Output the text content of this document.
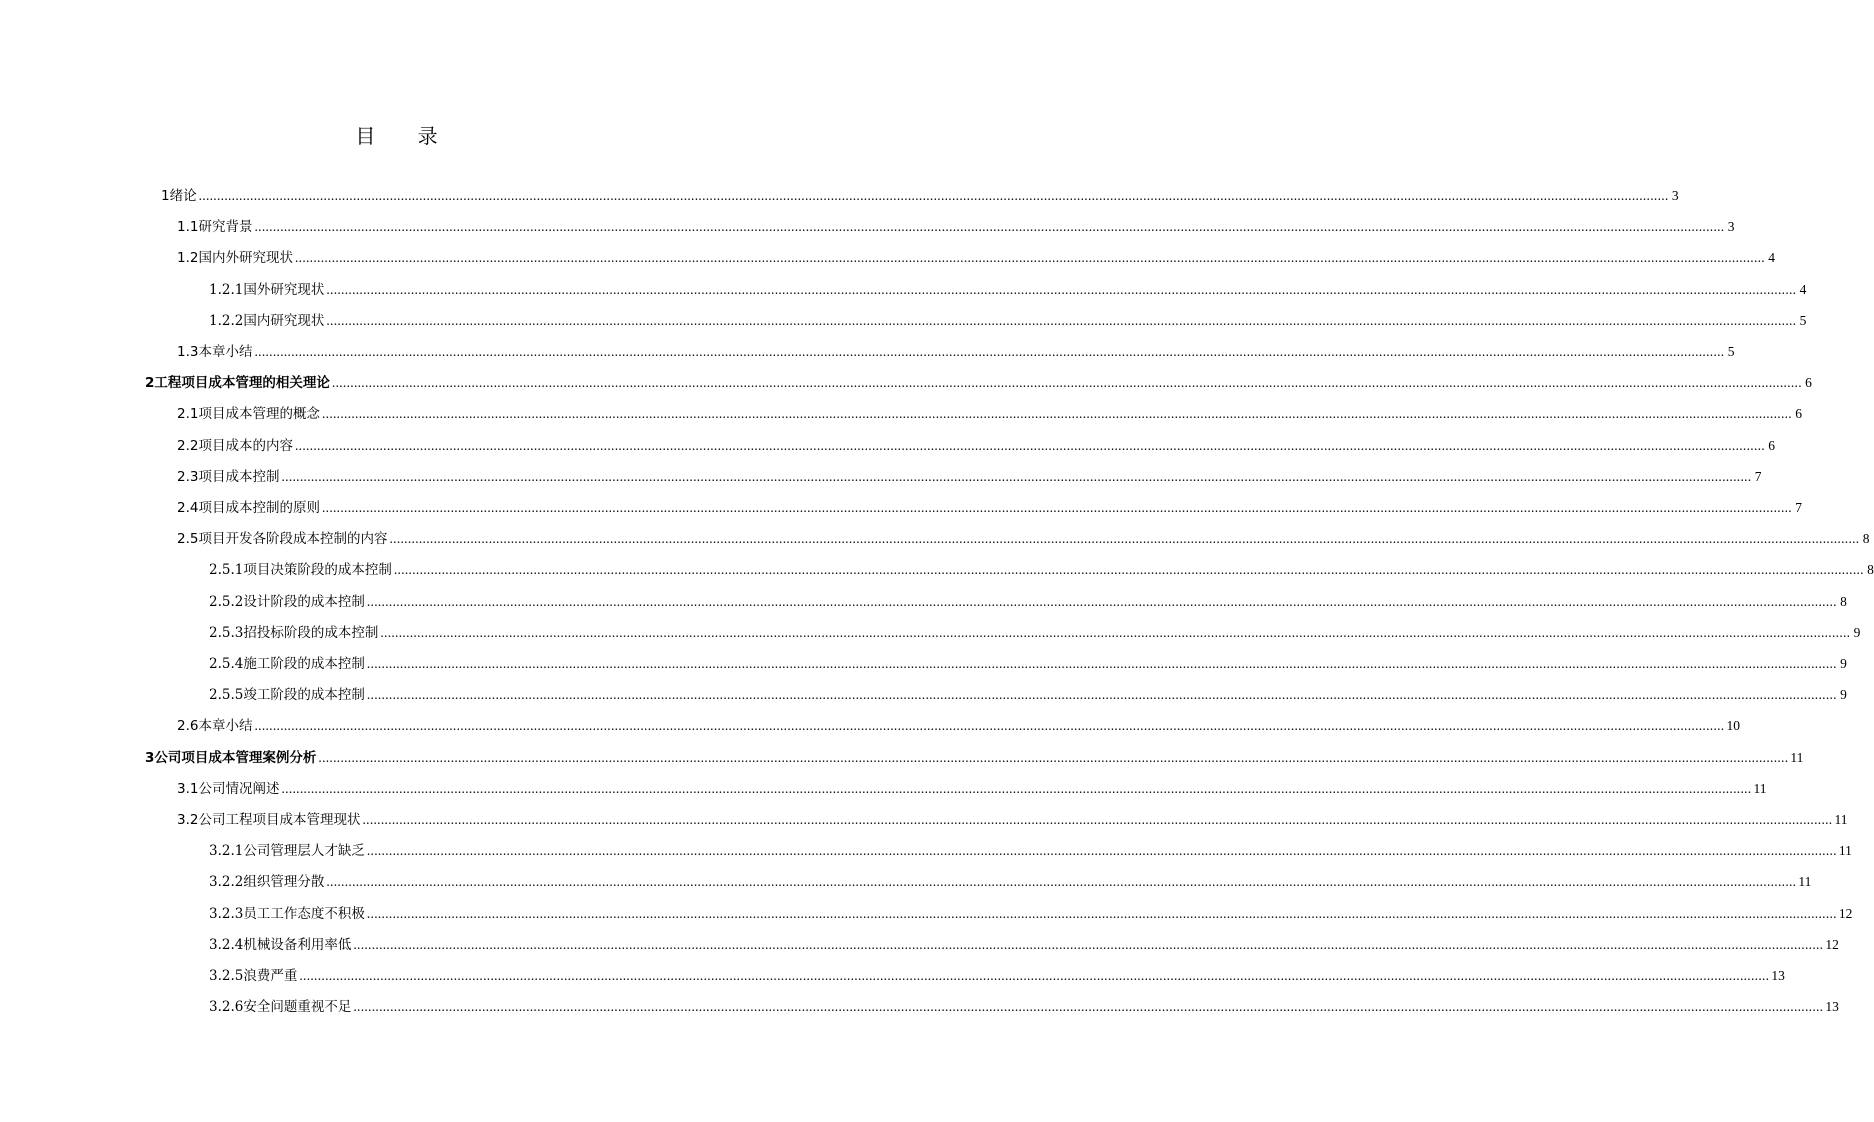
目 录
1 绪论 ................................................................................................................................................................................................................................................................................................................................................................................................................ 3
1.1 研究背景 ................................................................................................................................................................................................................................................................................................................................................................................................................ 3
1.2 国内外研究现状 ................................................................................................................................................................................................................................................................................................................................................................................................................ 4
1.2.1 国外研究现状 ................................................................................................................................................................................................................................................................................................................................................................................................................ 4
1.2.2 国内研究现状 ................................................................................................................................................................................................................................................................................................................................................................................................................ 5
1.3 本章小结 ................................................................................................................................................................................................................................................................................................................................................................................................................ 5
2 工程项目成本管理的相关理论 ................................................................................................................................................................................................................................................................................................................................................................................................................ 6
2.1 项目成本管理的概念 ................................................................................................................................................................................................................................................................................................................................................................................................................ 6
2.2 项目成本的内容 ................................................................................................................................................................................................................................................................................................................................................................................................................ 6
2.3 项目成本控制 ................................................................................................................................................................................................................................................................................................................................................................................................................ 7
2.4 项目成本控制的原则 ................................................................................................................................................................................................................................................................................................................................................................................................................ 7
2.5 项目开发各阶段成本控制的内容 ................................................................................................................................................................................................................................................................................................................................................................................................................ 8
2.5.1 项目决策阶段的成本控制 ................................................................................................................................................................................................................................................................................................................................................................................................................ 8
2.5.2 设计阶段的成本控制 ................................................................................................................................................................................................................................................................................................................................................................................................................ 8
2.5.3 招投标阶段的成本控制 ................................................................................................................................................................................................................................................................................................................................................................................................................ 9
2.5.4 施工阶段的成本控制 ................................................................................................................................................................................................................................................................................................................................................................................................................ 9
2.5.5 竣工阶段的成本控制 ................................................................................................................................................................................................................................................................................................................................................................................................................ 9
2.6 本章小结 ................................................................................................................................................................................................................................................................................................................................................................................................................ 10
3 公司项目成本管理案例分析 ................................................................................................................................................................................................................................................................................................................................................................................................................ 11
3.1 公司情况阐述 ................................................................................................................................................................................................................................................................................................................................................................................................................ 11
3.2 公司工程项目成本管理现状 ................................................................................................................................................................................................................................................................................................................................................................................................................ 11
3.2.1 公司管理层人才缺乏 ................................................................................................................................................................................................................................................................................................................................................................................................................ 11
3.2.2 组织管理分散 ................................................................................................................................................................................................................................................................................................................................................................................................................ 11
3.2.3 员工工作态度不积极 ................................................................................................................................................................................................................................................................................................................................................................................................................ 12
3.2.4 机械设备利用率低 ................................................................................................................................................................................................................................................................................................................................................................................................................ 12
3.2.5 浪费严重 ................................................................................................................................................................................................................................................................................................................................................................................................................ 13
3.2.6 安全问题重视不足 ................................................................................................................................................................................................................................................................................................................................................................................................................ 13
